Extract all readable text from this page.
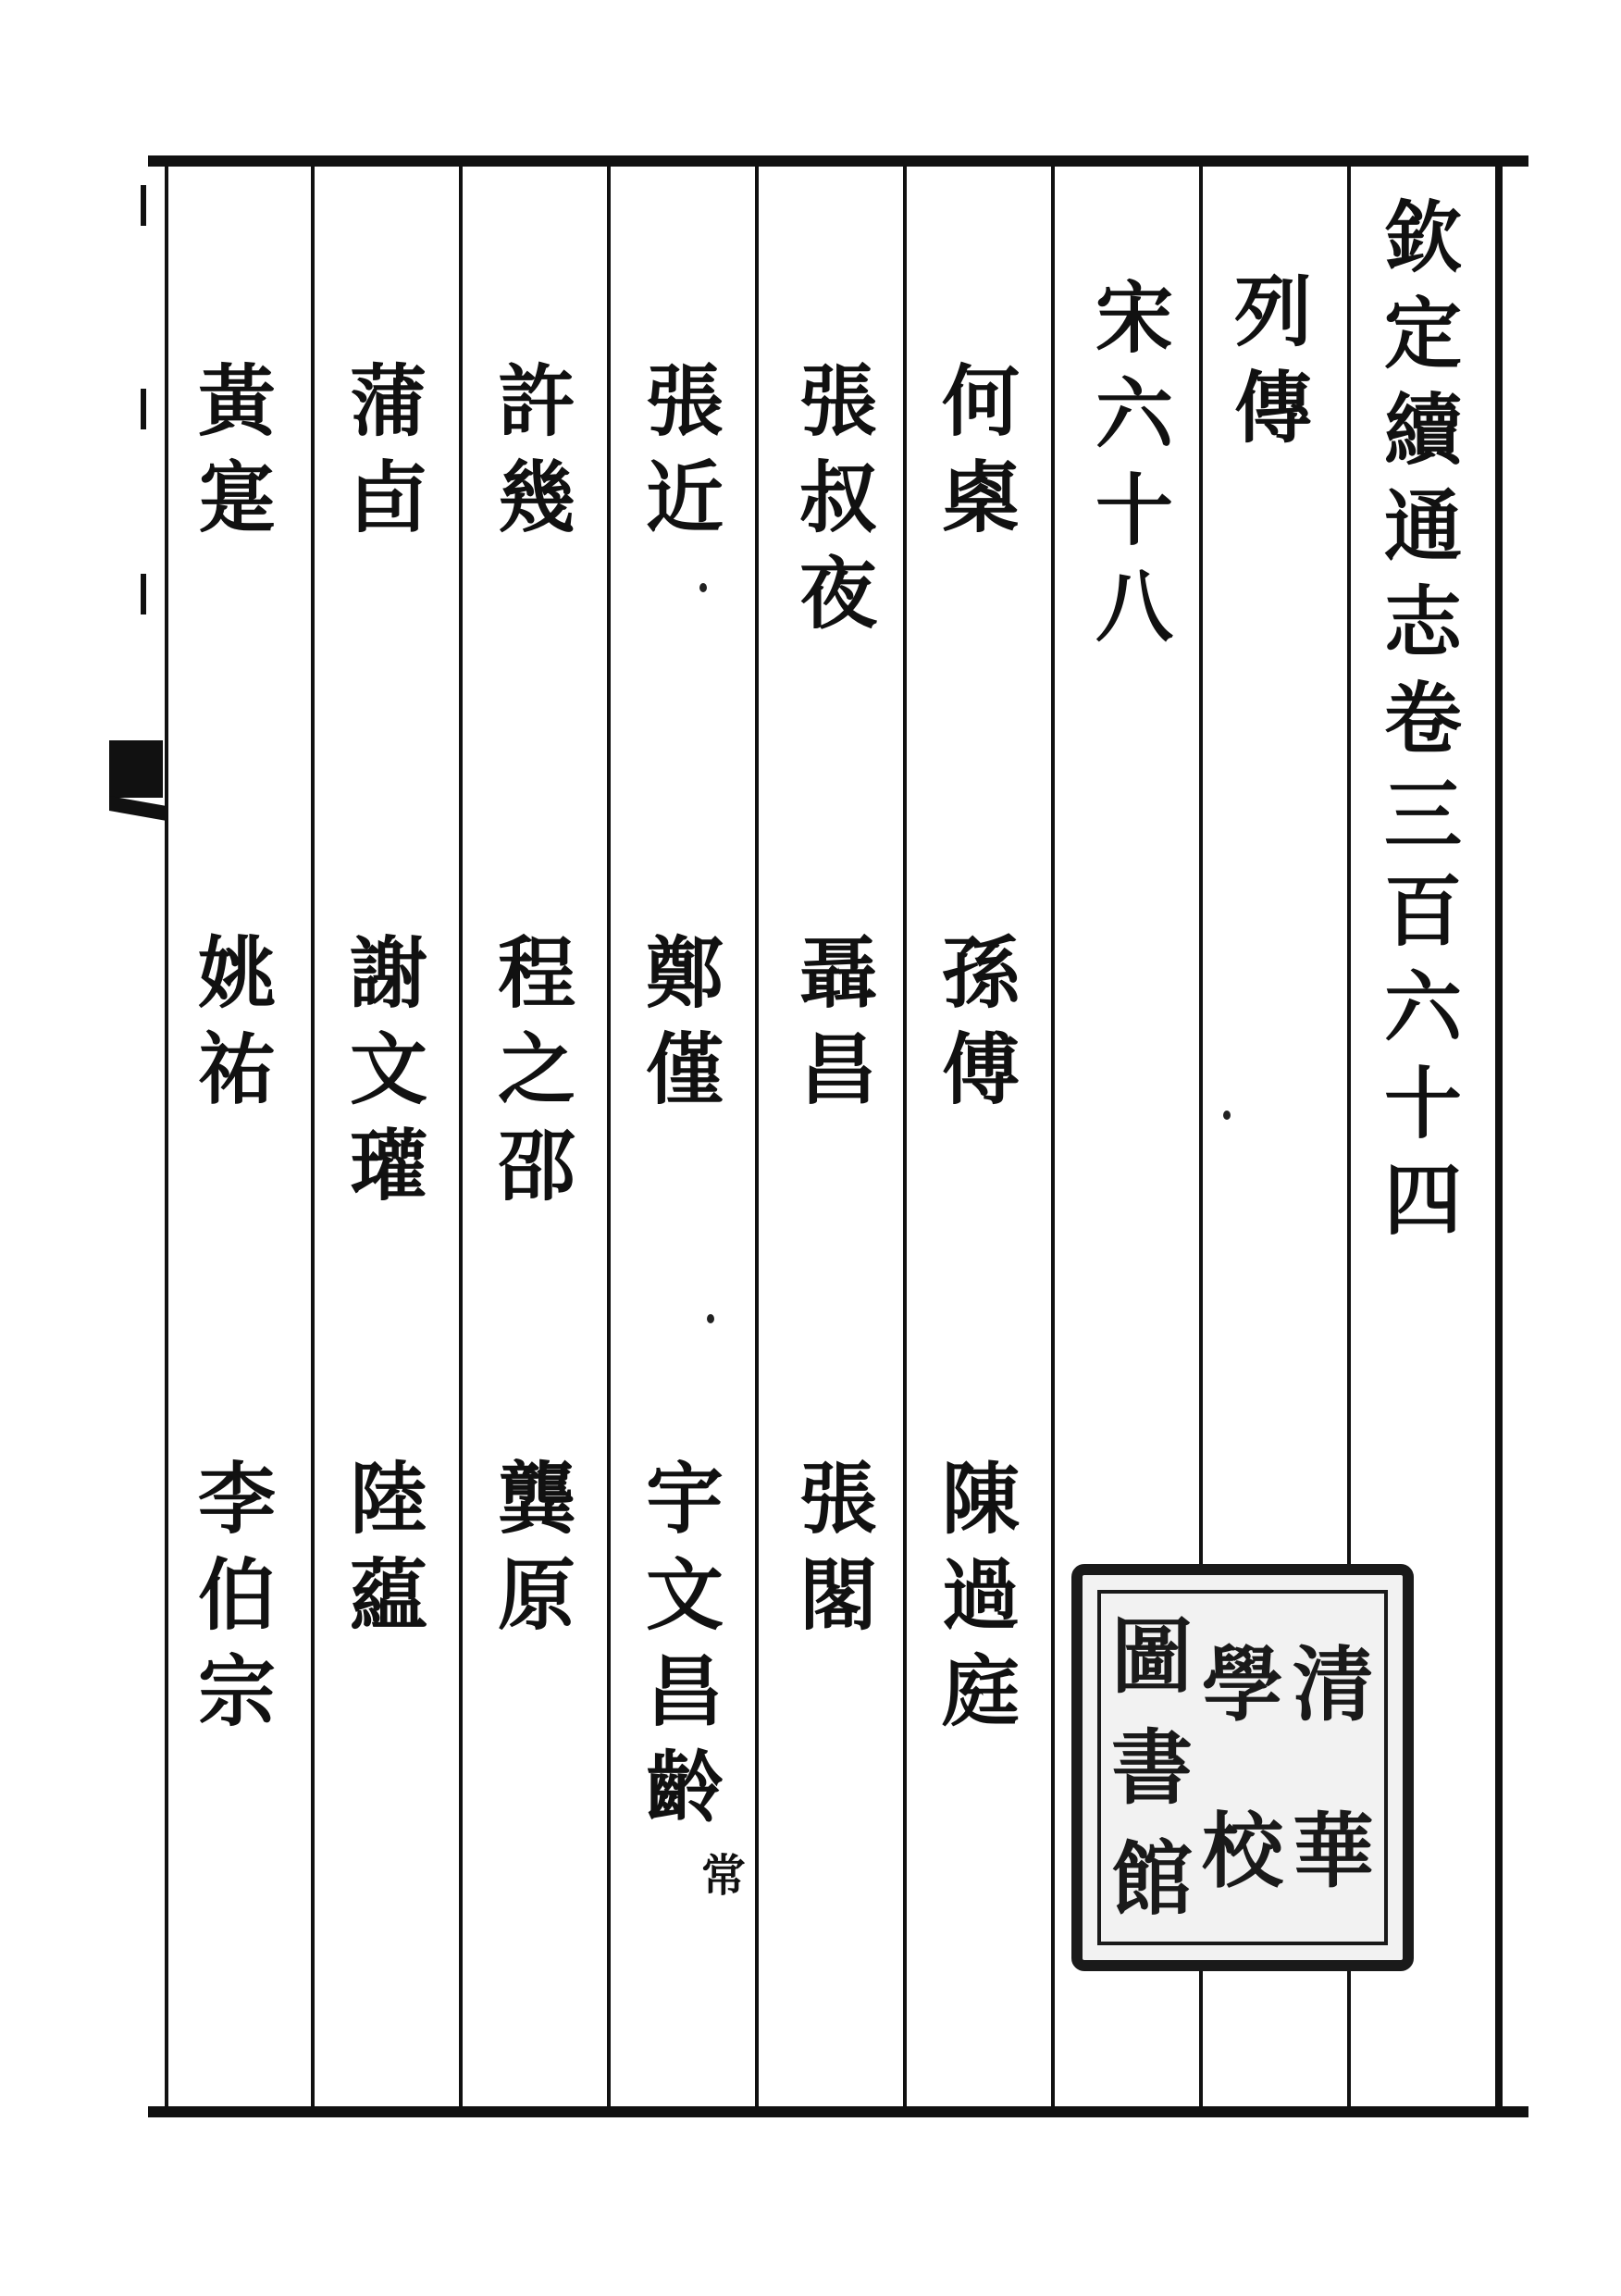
欽
定
續
通
志
卷
三
百
六
十
四
列
傳
宋
六
十
八
何
㮚
孫
傅
陳
過
庭
張
叔
夜
聶
昌
張
閣
張
近
鄭
僅
宇
文
昌
齡
常
許
幾
程
之
邵
龔
原
蒲
卣
謝
文
瓘
陸
藴
黃
寔
姚
祐
李
伯
宗	清
華
學
校
圖
書
館
